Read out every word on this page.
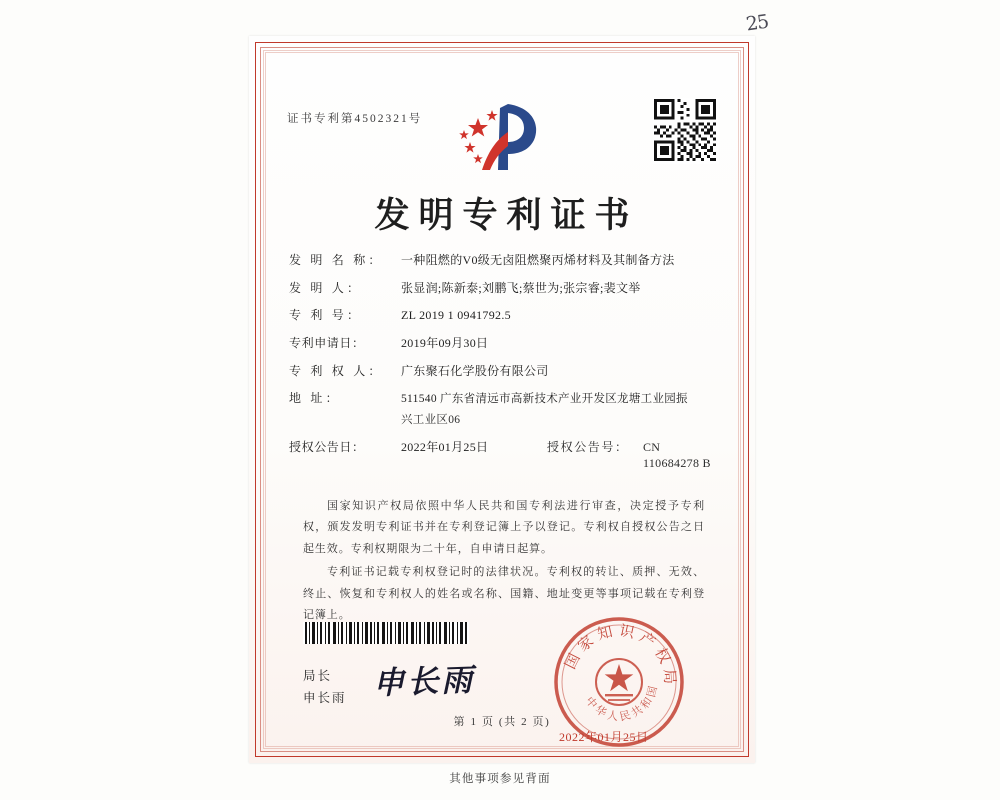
25
证书专利第4502321号
发明专利证书
发 明 名 称：	一种阻燃的V0级无卤阻燃聚丙烯材料及其制备方法
发 明 人：	张显润;陈新泰;刘鹏飞;蔡世为;张宗睿;裴文举
专 利 号：	ZL 2019 1 0941792.5
专利申请日：	2019年09月30日
专 利 权 人：	广东聚石化学股份有限公司
地 址：	511540 广东省清远市高新技术产业开发区龙塘工业园振
兴工业区06
授权公告日：	2022年01月25日	授权公告号：	CN 110684278 B
国家知识产权局依照中华人民共和国专利法进行审查，决定授予专利权，颁发发明专利证书并在专利登记簿上予以登记。专利权自授权公告之日起生效。专利权期限为二十年，自申请日起算。
专利证书记载专利权登记时的法律状况。专利权的转让、质押、无效、终止、恢复和专利权人的姓名或名称、国籍、地址变更等事项记载在专利登记簿上。
局长
申长雨 申长雨
国家知识产权局
中华人民共和国
2022年01月25日
第 1 页 (共 2 页)
其他事项参见背面
